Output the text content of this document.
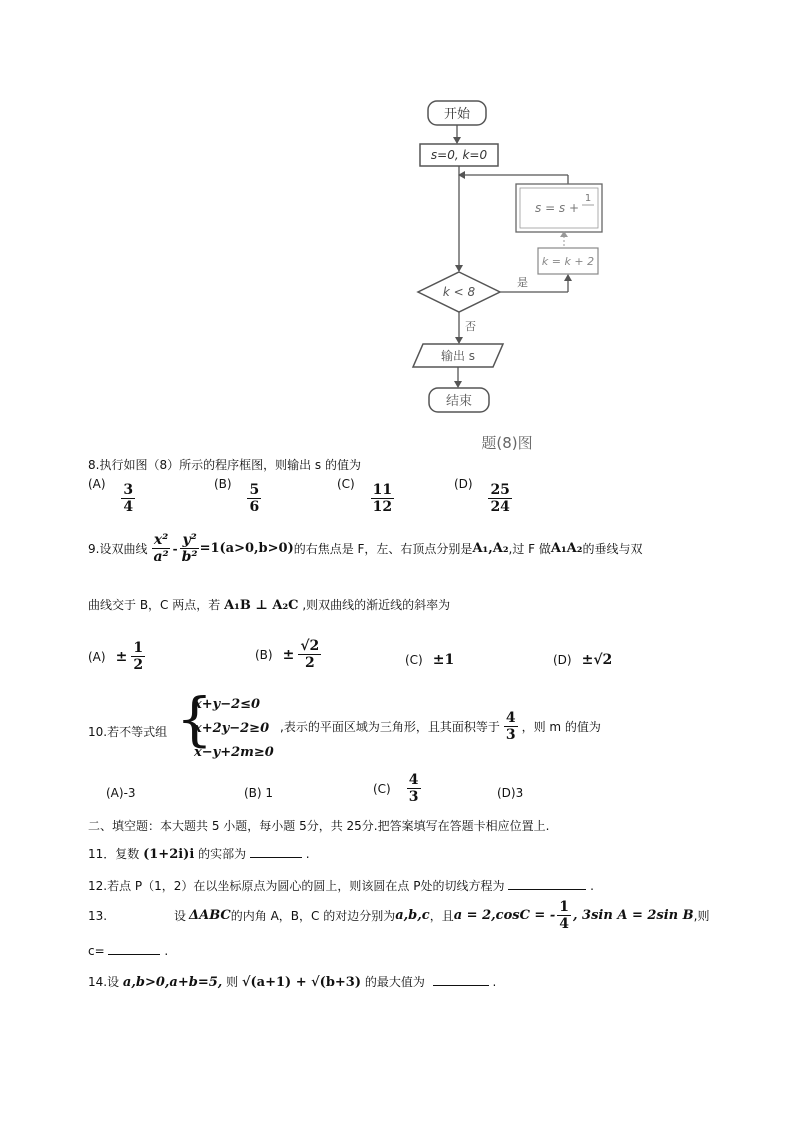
开始
s=0, k=0
s = s +
1
k = k + 2
是
k < 8
否
输出 s
结束
题(8)图
8.执行如图（8）所示的程序框图，则输出 s 的值为
$(A) \frac{3}{4}$	$(B) \frac{5}{6}$	$(C) \frac{11}{12}$	$(D) \frac{25}{24}$
9.设双曲线 $\frac{\text{x²}}{\text{a²}} - \frac{\text{y²}}{\text{b²}} =1(a>0,b>0)$ 的右焦点是 F，左、右顶点分别是 A₁,A₂ ,过 F 做 A₁A₂ 的垂线与双
曲线交于 B，C 两点，若 A₁B ⊥ A₂C ,则双曲线的渐近线的斜率为
$(A) \pm \frac{1}{2}$	$(B) \pm \frac{√2}{2}$	(C) ±1	(D) ±√2
10.若不等式组 {
x+y−2≤0
x+2y−2≥0
x−y+2m≥0
,表示的平面区域为三角形，且其面积等于 $\frac{4}{3}$ ，则 m 的值为
(A)-3	(B) 1	$(C) \frac{4}{3}$	(D)3
二、填空题：本大题共 5 小题，每小题 5分，共 25分.把答案填写在答题卡相应位置上.
11．复数 (1+2i)i 的实部为	.
12.若点 P（1，2）在以坐标原点为圆心的圆上，则该圆在点 P处的切线方程为	.
13.	设 ΔABC 的内角 A，B，C 的对边分别为 a,b,c ，且 a = 2,cosC = - $\frac{1}{4}$ , 3sin A = 2sin B ,则
c=	.
14.设 a,b>0,a+b=5, 则 √(a+1) + √(b+3) 的最大值为	.
